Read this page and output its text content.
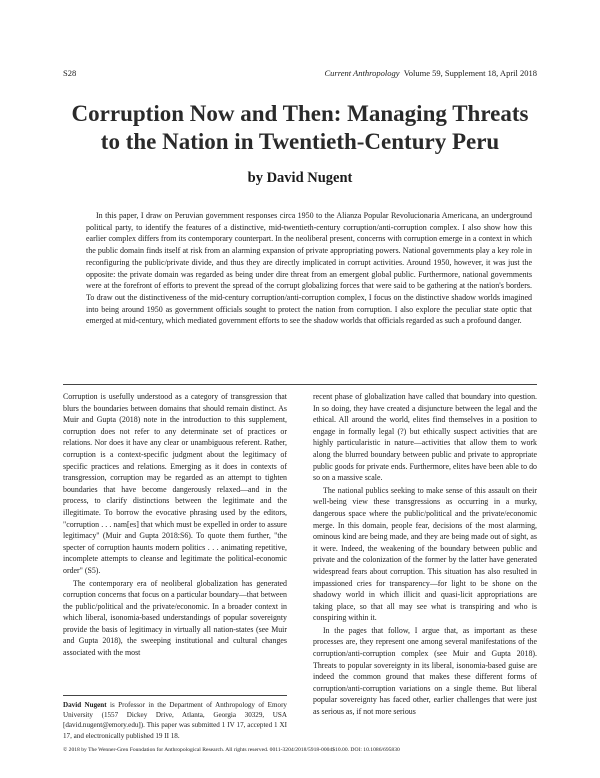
S28	Current Anthropology Volume 59, Supplement 18, April 2018
Corruption Now and Then: Managing Threats
to the Nation in Twentieth-Century Peru
by David Nugent
In this paper, I draw on Peruvian government responses circa 1950 to the Alianza Popular Revolucionaria Americana, an underground political party, to identify the features of a distinctive, mid-twentieth-century corruption/anti-corruption complex. I also show how this earlier complex differs from its contemporary counterpart. In the neoliberal present, concerns with corruption emerge in a context in which the public domain finds itself at risk from an alarming expansion of private appropriating powers. National governments play a key role in reconfiguring the public/private divide, and thus they are directly implicated in corrupt activities. Around 1950, however, it was just the opposite: the private domain was regarded as being under dire threat from an emergent global public. Furthermore, national governments were at the forefront of efforts to prevent the spread of the corrupt globalizing forces that were said to be gathering at the nation's borders. To draw out the distinctiveness of the mid-century corruption/anti-corruption complex, I focus on the distinctive shadow worlds imagined into being around 1950 as government officials sought to protect the nation from corruption. I also explore the peculiar state optic that emerged at mid-century, which mediated government efforts to see the shadow worlds that officials regarded as such a profound danger.

Corruption is usefully understood as a category of transgression that blurs the boundaries between domains that should remain distinct. As Muir and Gupta (2018) note in the introduction to this supplement, corruption does not refer to any determinate set of practices or relations. Nor does it have any clear or unambiguous referent. Rather, corruption is a context-specific judgment about the legitimacy of specific practices and relations. Emerging as it does in contexts of transgression, corruption may be regarded as an attempt to tighten boundaries that have become dangerously relaxed—and in the process, to clarify distinctions between the legitimate and the illegitimate. To borrow the evocative phrasing used by the editors, "corruption . . . nam[es] that which must be expelled in order to assure legitimacy" (Muir and Gupta 2018:S6). To quote them further, "the specter of corruption haunts modern politics . . . animating repetitive, incomplete attempts to cleanse and legitimate the political-economic order" (S5).

The contemporary era of neoliberal globalization has generated corruption concerns that focus on a particular boundary—that between the public/political and the private/economic. In a broader context in which liberal, isonomia-based understandings of popular sovereignty provide the basis of legitimacy in virtually all nation-states (see Muir and Gupta 2018), the sweeping institutional and cultural changes associated with the most

recent phase of globalization have called that boundary into question. In so doing, they have created a disjuncture between the legal and the ethical. All around the world, elites find themselves in a position to engage in formally legal (?) but ethically suspect activities that are highly particularistic in nature—activities that allow them to work along the blurred boundary between public and private to appropriate public goods for private ends. Furthermore, elites have been able to do so on a massive scale.

The national publics seeking to make sense of this assault on their well-being view these transgressions as occurring in a murky, dangerous space where the public/political and the private/economic merge. In this domain, people fear, decisions of the most alarming, ominous kind are being made, and they are being made out of sight, as it were. Indeed, the weakening of the boundary between public and private and the colonization of the former by the latter have generated widespread fears about corruption. This situation has also resulted in impassioned cries for transparency—for light to be shone on the shadowy world in which illicit and quasi-licit appropriations are taking place, so that all may see what is transpiring and who is conspiring within it.

In the pages that follow, I argue that, as important as these processes are, they represent one among several manifestations of the corruption/anti-corruption complex (see Muir and Gupta 2018). Threats to popular sovereignty in its liberal, isonomia-based guise are indeed the common ground that makes these different forms of corruption/anti-corruption variations on a single theme. But liberal popular sovereignty has faced other, earlier challenges that were just as serious as, if not more serious

David Nugent is Professor in the Department of Anthropology of Emory University (1557 Dickey Drive, Atlanta, Georgia 30329, USA [david.nugent@emory.edu]). This paper was submitted 1 IV 17, accepted 1 XI 17, and electronically published 19 II 18.
© 2018 by The Wenner-Gren Foundation for Anthropological Research. All rights reserved. 0011-3204/2018/5918-0004$10.00. DOI: 10.1086/695830
